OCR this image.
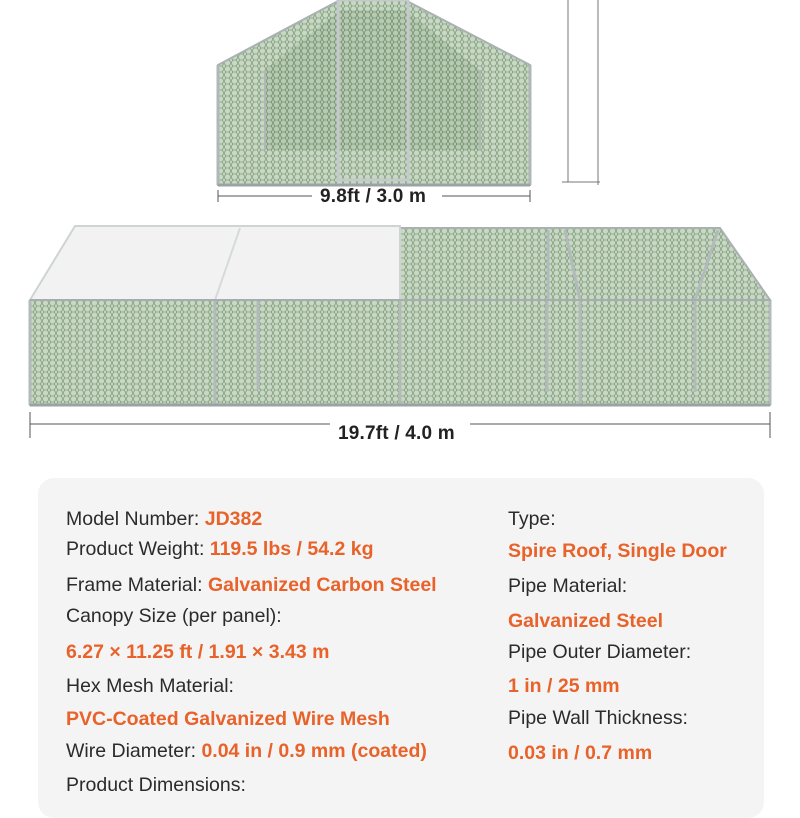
9.8ft / 3.0 m
19.7ft / 4.0 m
Model Number: JD382
Product Weight: 119.5 lbs / 54.2 kg
Frame Material: Galvanized Carbon Steel
Canopy Size (per panel):
6.27 × 11.25 ft / 1.91 × 3.43 m
Hex Mesh Material:
PVC-Coated Galvanized Wire Mesh
Wire Diameter: 0.04 in / 0.9 mm (coated)
Product Dimensions:
Type:
Spire Roof, Single Door
Pipe Material:
Galvanized Steel
Pipe Outer Diameter:
1 in / 25 mm
Pipe Wall Thickness:
0.03 in / 0.7 mm
